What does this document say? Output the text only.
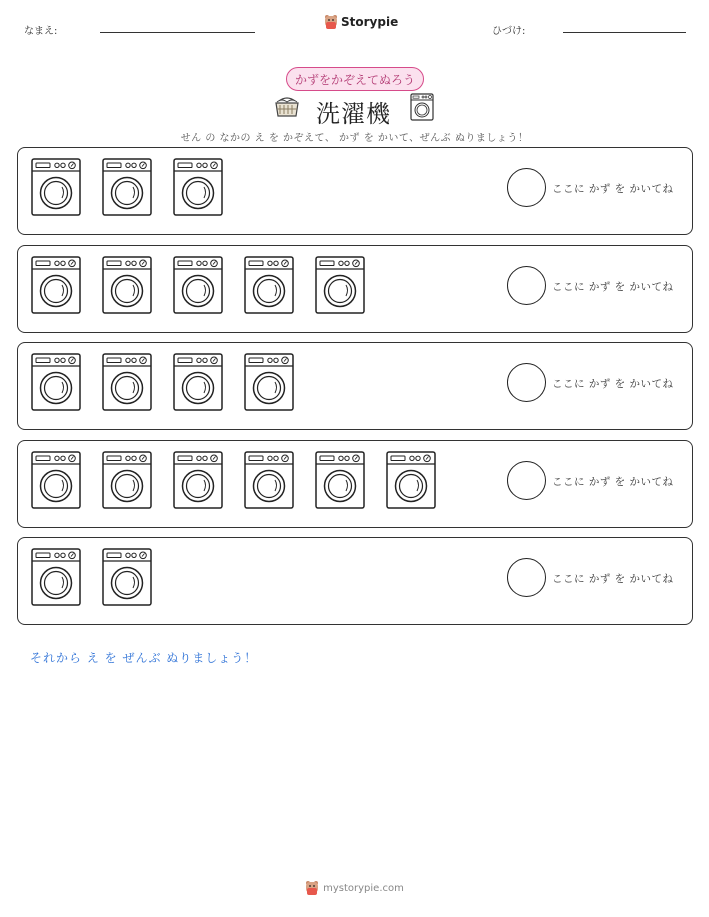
なまえ:
Storypie
ひづけ:
かずをかぞえてぬろう
洗濯機
せん の なかの え を かぞえて、 かず を かいて、ぜんぶ ぬりましょう！
ここに かず を かいてね
ここに かず を かいてね
ここに かず を かいてね
ここに かず を かいてね
ここに かず を かいてね
それから え を ぜんぶ ぬりましょう！
mystorypie.com
